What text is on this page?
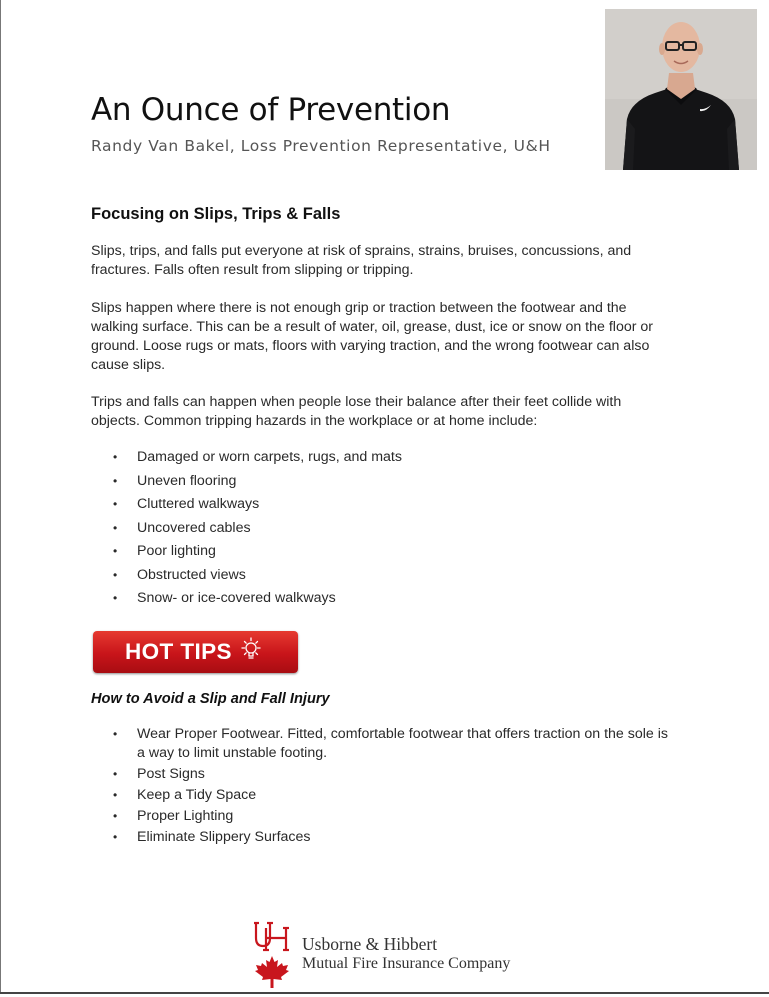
An Ounce of Prevention
Randy Van Bakel, Loss Prevention Representative, U&H
Focusing on Slips, Trips & Falls

Slips, trips, and falls put everyone at risk of sprains, strains, bruises, concussions, and fractures. Falls often result from slipping or tripping.

Slips happen where there is not enough grip or traction between the footwear and the walking surface. This can be a result of water, oil, grease, dust, ice or snow on the floor or ground. Loose rugs or mats, floors with varying traction, and the wrong footwear can also cause slips.

Trips and falls can happen when people lose their balance after their feet collide with objects. Common tripping hazards in the workplace or at home include:

• Damaged or worn carpets, rugs, and mats
• Uneven flooring
• Cluttered walkways
• Uncovered cables
• Poor lighting
• Obstructed views
• Snow- or ice-covered walkways
HOT TIPS
How to Avoid a Slip and Fall Injury
• Wear Proper Footwear. Fitted, comfortable footwear that offers traction on the sole is a way to limit unstable footing.
• Post Signs
• Keep a Tidy Space
• Proper Lighting
• Eliminate Slippery Surfaces
Usborne & Hibbert
Mutual Fire Insurance Company
